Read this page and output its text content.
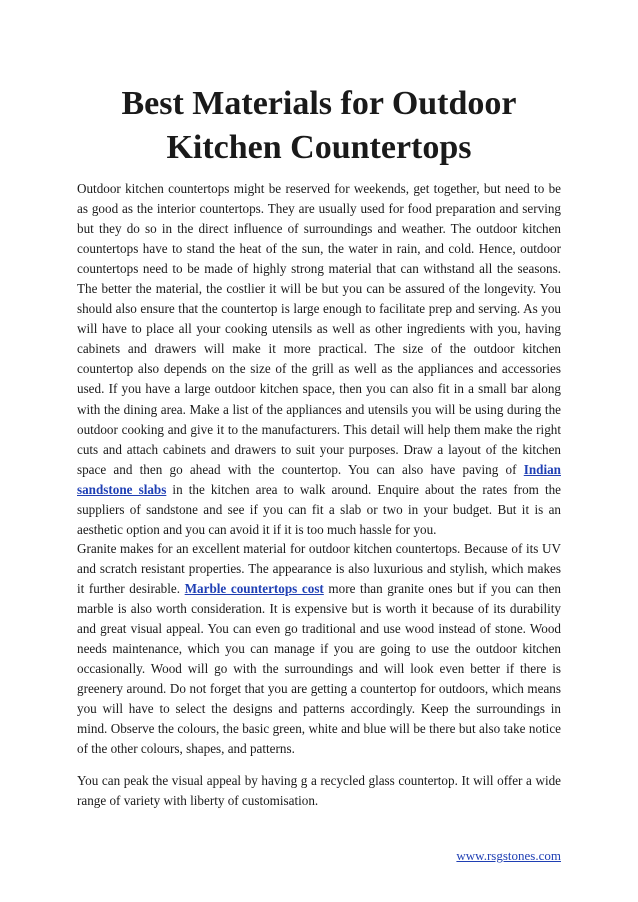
Best Materials for Outdoor Kitchen Countertops

Outdoor kitchen countertops might be reserved for weekends, get together, but need to be as good as the interior countertops. They are usually used for food preparation and serving but they do so in the direct influence of surroundings and weather. The outdoor kitchen countertops have to stand the heat of the sun, the water in rain, and cold. Hence, outdoor countertops need to be made of highly strong material that can withstand all the seasons. The better the material, the costlier it will be but you can be assured of the longevity. You should also ensure that the countertop is large enough to facilitate prep and serving. As you will have to place all your cooking utensils as well as other ingredients with you, having cabinets and drawers will make it more practical. The size of the outdoor kitchen countertop also depends on the size of the grill as well as the appliances and accessories used. If you have a large outdoor kitchen space, then you can also fit in a small bar along with the dining area. Make a list of the appliances and utensils you will be using during the outdoor cooking and give it to the manufacturers. This detail will help them make the right cuts and attach cabinets and drawers to suit your purposes. Draw a layout of the kitchen space and then go ahead with the countertop. You can also have paving of Indian sandstone slabs in the kitchen area to walk around. Enquire about the rates from the suppliers of sandstone and see if you can fit a slab or two in your budget. But it is an aesthetic option and you can avoid it if it is too much hassle for you.

Granite makes for an excellent material for outdoor kitchen countertops. Because of its UV and scratch resistant properties. The appearance is also luxurious and stylish, which makes it further desirable. Marble countertops cost more than granite ones but if you can then marble is also worth consideration. It is expensive but is worth it because of its durability and great visual appeal. You can even go traditional and use wood instead of stone. Wood needs maintenance, which you can manage if you are going to use the outdoor kitchen occasionally. Wood will go with the surroundings and will look even better if there is greenery around. Do not forget that you are getting a countertop for outdoors, which means you will have to select the designs and patterns accordingly. Keep the surroundings in mind. Observe the colours, the basic green, white and blue will be there but also take notice of the other colours, shapes, and patterns.

You can peak the visual appeal by having g a recycled glass countertop. It will offer a wide range of variety with liberty of customisation.

www.rsgstones.com
